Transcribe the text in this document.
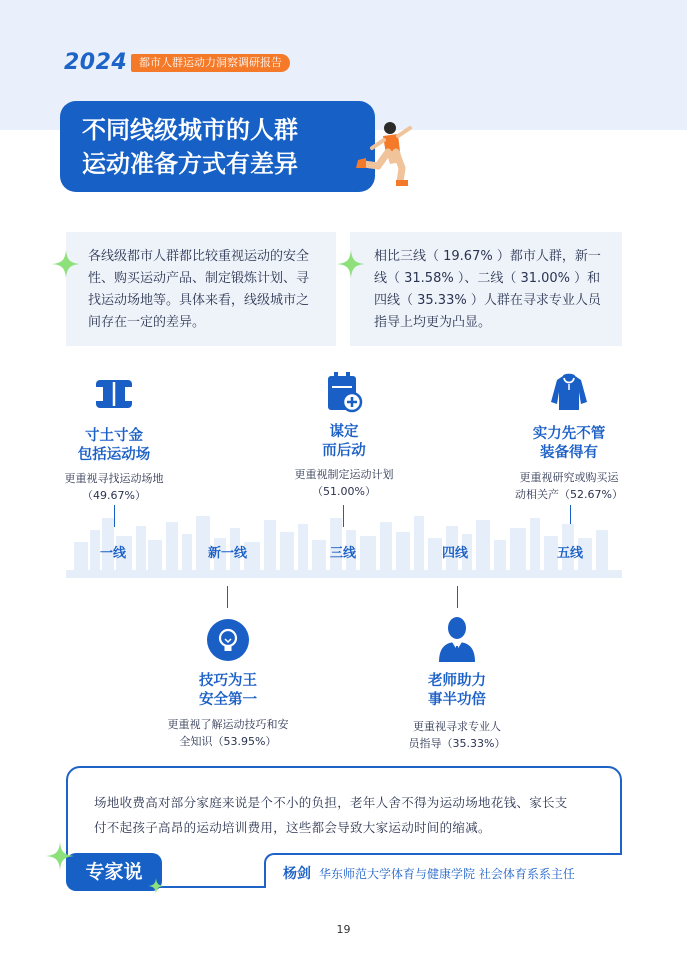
2024	都市人群运动力洞察调研报告
不同线级城市的人群
运动准备方式有差异
各线级都市人群都比较重视运动的安全性、购买运动产品、制定锻炼计划、寻找运动场地等。具体来看，线级城市之间存在一定的差异。
相比三线（ 19.67% ）都市人群，新一线（ 31.58% ）、二线（ 31.00% ）和四线（ 35.33% ）人群在寻求专业人员指导上均更为凸显。
寸土寸金
包括运动场
更重视寻找运动场地
（49.67%）
谋定
而后动
更重视制定运动计划
（51.00%）
实力先不管
装备得有
更重视研究或购买运
动相关产（52.67%）
一线	新一线	三线	四线	五线
技巧为王
安全第一
更重视了解运动技巧和安
全知识（53.95%）
老师助力
事半功倍
更重视寻求专业人
员指导（35.33%）
场地收费高对部分家庭来说是个不小的负担，老年人舍不得为运动场地花钱、家长支
付不起孩子高昂的运动培训费用，这些都会导致大家运动时间的缩减。
专家说	杨剑 华东师范大学体育与健康学院 社会体育系系主任
19
